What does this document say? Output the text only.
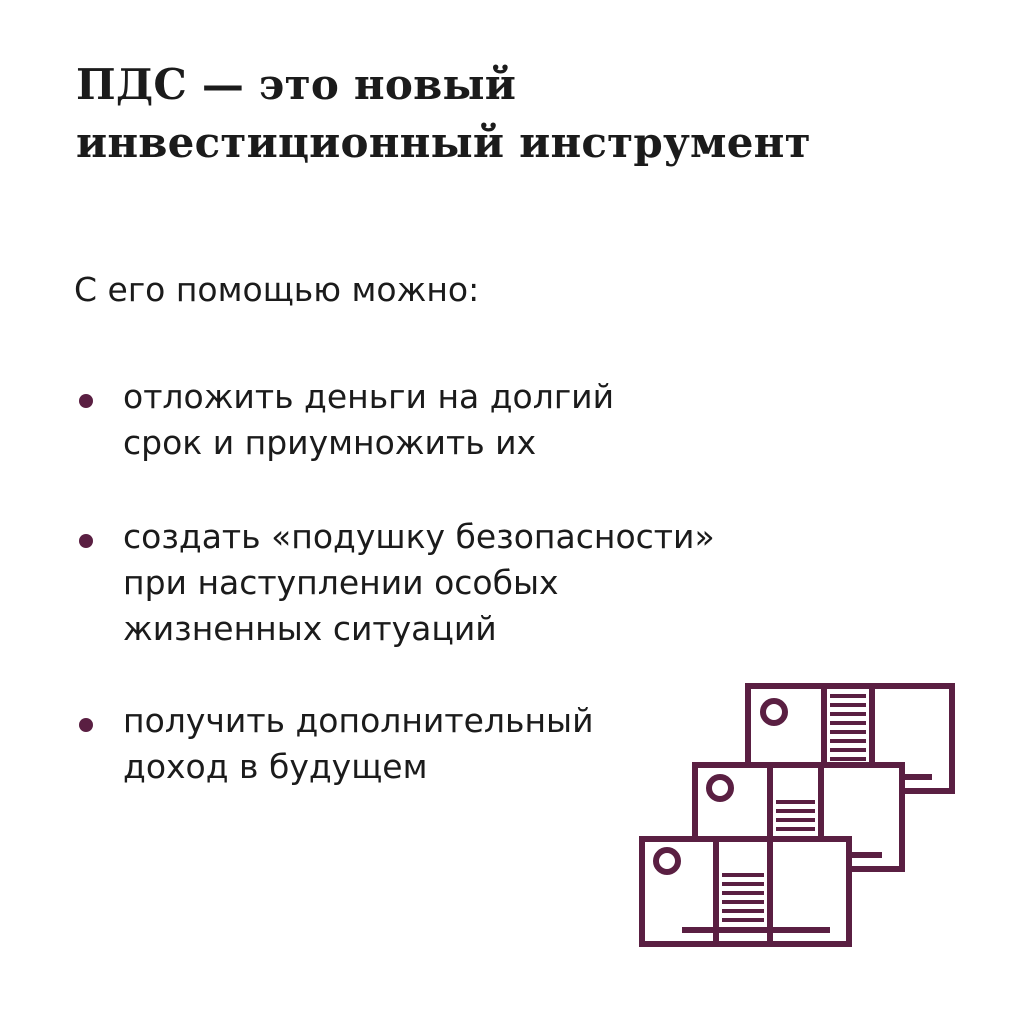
ПДС — это новый
инвестиционный инструмент

С его помощью можно:

отложить деньги на долгий
срок и приумножить их
создать «подушку безопасности»
при наступлении особых
жизненных ситуаций
получить дополнительный
доход в будущем
